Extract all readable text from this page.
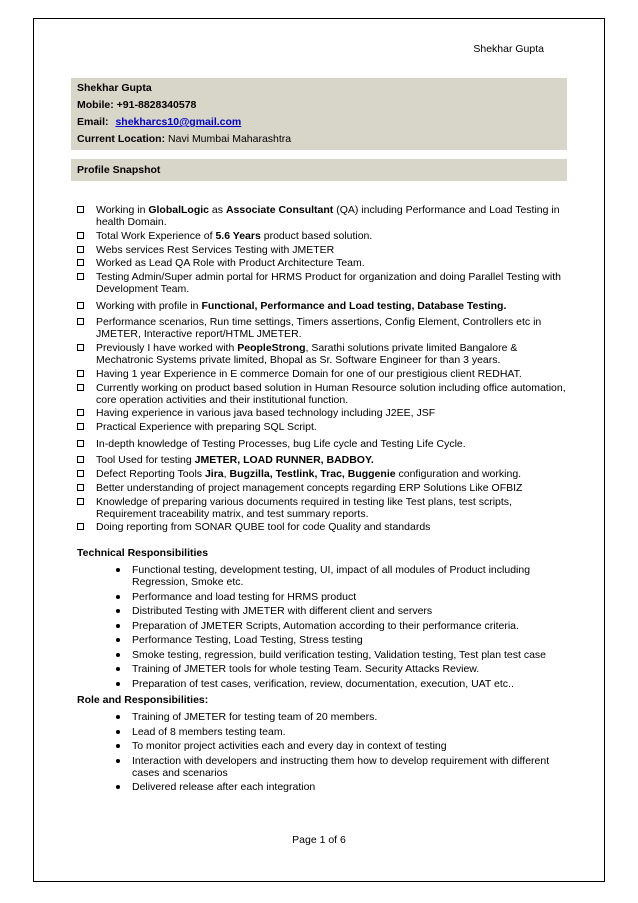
Shekhar Gupta
Shekhar Gupta
Mobile: +91-8828340578
Email: shekharcs10@gmail.com
Current Location: Navi Mumbai Maharashtra
Profile Snapshot
Working in GlobalLogic as Associate Consultant (QA) including Performance and Load Testing in health Domain.
Total Work Experience of 5.6 Years product based solution.
Webs services Rest Services Testing with JMETER
Worked as Lead QA Role with Product Architecture Team.
Testing Admin/Super admin portal for HRMS Product for organization and doing Parallel Testing with Development Team.
Working with profile in Functional, Performance and Load testing, Database Testing.
Performance scenarios, Run time settings, Timers assertions, Config Element, Controllers etc in JMETER, Interactive report/HTML JMETER.
Previously I have worked with PeopleStrong, Sarathi solutions private limited Bangalore & Mechatronic Systems private limited, Bhopal as Sr. Software Engineer for than 3 years.
Having 1 year Experience in E commerce Domain for one of our prestigious client REDHAT.
Currently working on product based solution in Human Resource solution including office automation, core operation activities and their institutional function.
Having experience in various java based technology including J2EE, JSF
Practical Experience with preparing SQL Script.
In-depth knowledge of Testing Processes, bug Life cycle and Testing Life Cycle.
Tool Used for testing JMETER, LOAD RUNNER, BADBOY.
Defect Reporting Tools Jira, Bugzilla, Testlink, Trac, Buggenie configuration and working.
Better understanding of project management concepts regarding ERP Solutions Like OFBIZ
Knowledge of preparing various documents required in testing like Test plans, test scripts, Requirement traceability matrix, and test summary reports.
Doing reporting from SONAR QUBE tool for code Quality and standards
Technical Responsibilities
Functional testing, development testing, UI, impact of all modules of Product including Regression, Smoke etc.
Performance and load testing for HRMS product
Distributed Testing with JMETER with different client and servers
Preparation of JMETER Scripts, Automation according to their performance criteria.
Performance Testing, Load Testing, Stress testing
Smoke testing, regression, build verification testing, Validation testing, Test plan test case
Training of JMETER tools for whole testing Team. Security Attacks Review.
Preparation of test cases, verification, review, documentation, execution, UAT etc..
Role and Responsibilities:
Training of JMETER for testing team of 20 members.
Lead of 8 members testing team.
To monitor project activities each and every day in context of testing
Interaction with developers and instructing them how to develop requirement with different cases and scenarios
Delivered release after each integration
Page 1 of 6
